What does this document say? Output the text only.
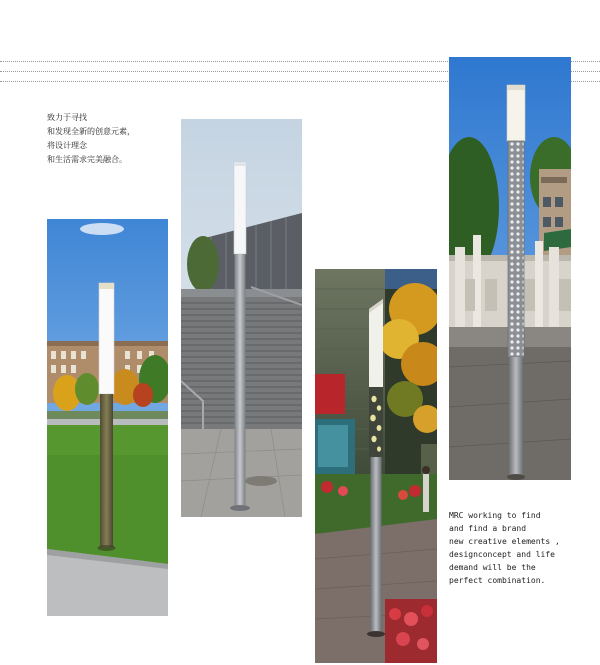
致力于寻找
和发现全新的创意元素，
将设计理念
和生活需求完美融合。
MRC working to find
and find a brand
new creative elements ,
designconcept and life
demand will be the
perfect combination.
